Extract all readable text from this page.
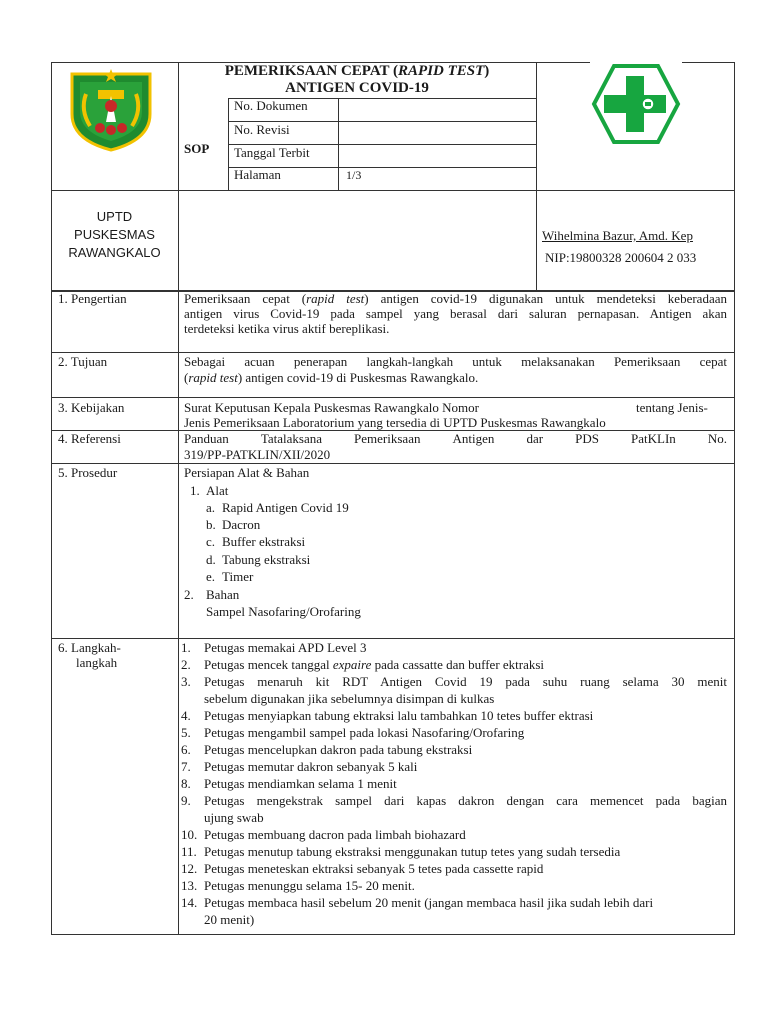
PEMERIKSAAN CEPAT (RAPID TEST)
ANTIGEN COVID-19
SOP
No. Dokumen
No. Revisi
Tanggal Terbit
Halaman	1/3
UPTD
PUSKESMAS
RAWANGKALO
Wihelmina Bazur, Amd. Kep
NIP:19800328 200604 2 033
1. Pengertian	Pemeriksaan cepat (rapid test) antigen covid-19 digunakan untuk mendeteksi keberadaan
antigen virus Covid-19 pada sampel yang berasal dari saluran pernapasan. Antigen akan
terdeteksi ketika virus aktif bereplikasi.
2. Tujuan	Sebagai acuan penerapan langkah-langkah untuk melaksanakan Pemeriksaan cepat
(rapid test) antigen covid-19 di Puskesmas Rawangkalo.
3. Kebijakan	Surat Keputusan Kepala Puskesmas Rawangkalo Nomor	tentang Jenis-
Jenis Pemeriksaan Laboratorium yang tersedia di UPTD Puskesmas Rawangkalo
4. Referensi	Panduan Tatalaksana Pemeriksaan Antigen dar PDS PatKLIn No.
319/PP-PATKLIN/XII/2020
5. Prosedur	Persiapan Alat & Bahan
1. Alat
a. Rapid Antigen Covid 19
b. Dacron
c. Buffer ekstraksi
d. Tabung ekstraksi
e. Timer
2. Bahan
Sampel Nasofaring/Orofaring
6. Langkah-
langkah
1. Petugas memakai APD Level 3
2. Petugas mencek tanggal expaire pada cassatte dan buffer ektraksi
3. Petugas menaruh kit RDT Antigen Covid 19 pada suhu ruang selama 30 menit
sebelum digunakan jika sebelumnya disimpan di kulkas
4. Petugas menyiapkan tabung ektraksi lalu tambahkan 10 tetes buffer ektrasi
5. Petugas mengambil sampel pada lokasi Nasofaring/Orofaring
6. Petugas mencelupkan dakron pada tabung ekstraksi
7. Petugas memutar dakron sebanyak 5 kali
8. Petugas mendiamkan selama 1 menit
9. Petugas mengekstrak sampel dari kapas dakron dengan cara memencet pada bagian
ujung swab
10. Petugas membuang dacron pada limbah biohazard
11. Petugas menutup tabung ekstraksi menggunakan tutup tetes yang sudah tersedia
12. Petugas meneteskan ektraksi sebanyak 5 tetes pada cassette rapid
13. Petugas menunggu selama 15- 20 menit.
14. Petugas membaca hasil sebelum 20 menit (jangan membaca hasil jika sudah lebih dari
20 menit)
